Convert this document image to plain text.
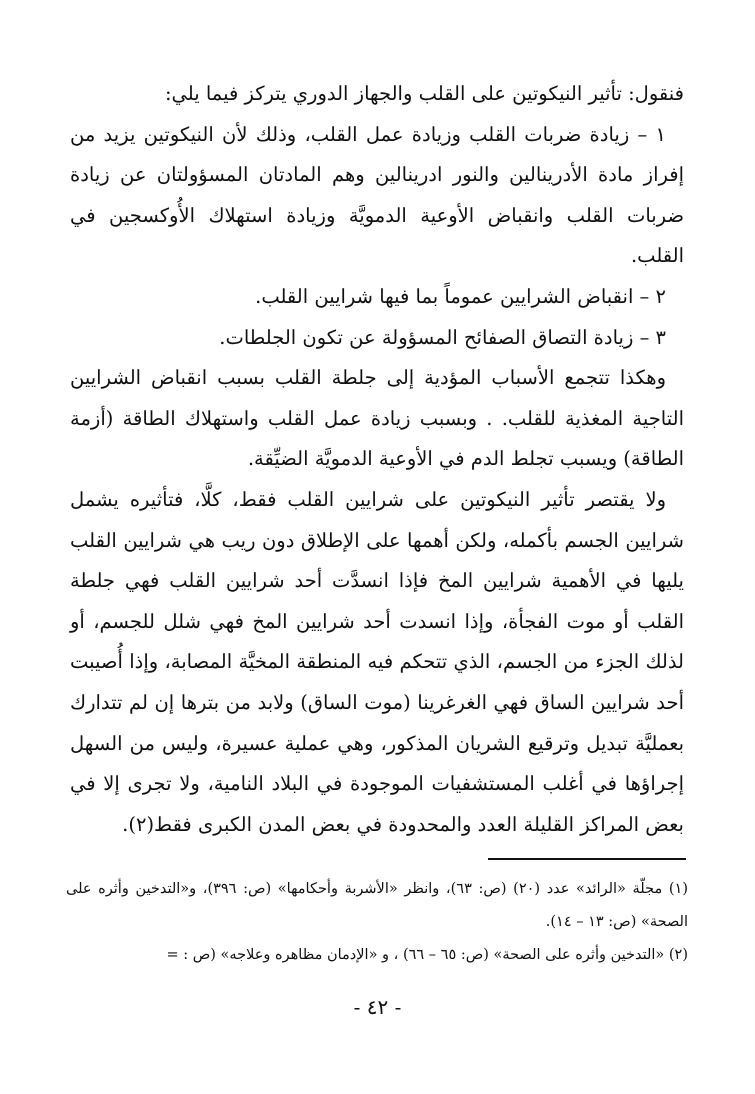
فنقول: تأثير النيكوتين على القلب والجهاز الدوري يتركز فيما يلي:

١ – زيادة ضربات القلب وزيادة عمل القلب، وذلك لأن النيكوتين يزيد من إفراز مادة الأدرينالين والنور ادرينالين وهم المادتان المسؤولتان عن زيادة ضربات القلب وانقباض الأوعية الدمويَّة وزيادة استهلاك الأُوكسجين في القلب.

٢ – انقباض الشرايين عموماً بما فيها شرايين القلب.

٣ – زيادة التصاق الصفائح المسؤولة عن تكون الجلطات.

وهكذا تتجمع الأسباب المؤدية إلى جلطة القلب بسبب انقباض الشرايين التاجية المغذية للقلب. . وبسبب زيادة عمل القلب واستهلاك الطاقة (أزمة الطاقة) ويسبب تجلط الدم في الأوعية الدمويَّة الضيِّقة.

ولا يقتصر تأثير النيكوتين على شرايين القلب فقط، كلَّا، فتأثيره يشمل شرايين الجسم بأكمله، ولكن أهمها على الإطلاق دون ريب هي شرايين القلب يليها في الأهمية شرايين المخ فإذا انسدَّت أحد شرايين القلب فهي جلطة القلب أو موت الفجأة، وإذا انسدت أحد شرايين المخ فهي شلل للجسم، أو لذلك الجزء من الجسم، الذي تتحكم فيه المنطقة المخيَّة المصابة، وإذا أُصيبت أحد شرايين الساق فهي الغرغرينا (موت الساق) ولابد من بترها إن لم تتدارك بعمليَّة تبديل وترقيع الشريان المذكور، وهي عملية عسيرة، وليس من السهل إجراؤها في أغلب المستشفيات الموجودة في البلاد النامية، ولا تجرى إلا في بعض المراكز القليلة العدد والمحدودة في بعض المدن الكبرى فقط(٢).

(١) مجلّة «الرائد» عدد (٢٠) (ص: ٦٣)، وانظر «الأشربة وأحكامها» (ص: ٣٩٦)، و«التدخين وأثره على الصحة» (ص: ١٣ – ١٤).

(٢) «التدخين وأثره على الصحة» (ص: ٦٥ – ٦٦) ، و «الإدمان مظاهره وعلاجه» (ص : =

- ٤٢ -
